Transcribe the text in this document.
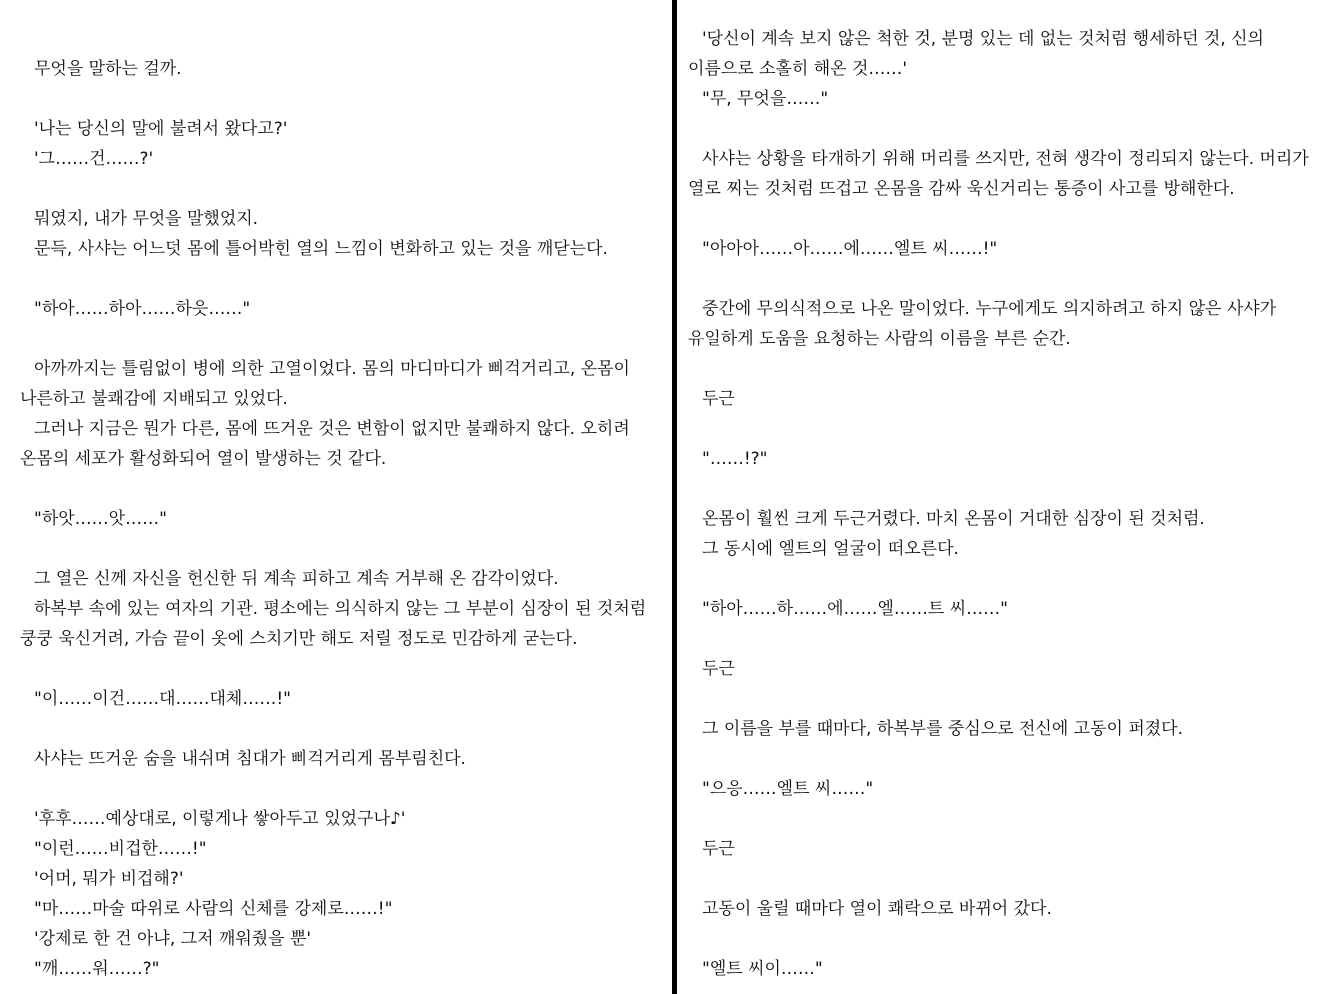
무엇을 말하는 걸까.
'나는 당신의 말에 불려서 왔다고?'
'그……건……?'
뭐였지, 내가 무엇을 말했었지.
문득, 사샤는 어느덧 몸에 틀어박힌 열의 느낌이 변화하고 있는 것을 깨닫는다.
"하아……하아……하읏……"
아까까지는 틀림없이 병에 의한 고열이었다. 몸의 마디마디가 삐걱거리고, 온몸이
나른하고 불쾌감에 지배되고 있었다.
그러나 지금은 뭔가 다른, 몸에 뜨거운 것은 변함이 없지만 불쾌하지 않다. 오히려
온몸의 세포가 활성화되어 열이 발생하는 것 같다.
"하앗……앗……"
그 열은 신께 자신을 헌신한 뒤 계속 피하고 계속 거부해 온 감각이었다.
하복부 속에 있는 여자의 기관. 평소에는 의식하지 않는 그 부분이 심장이 된 것처럼
쿵쿵 욱신거려, 가슴 끝이 옷에 스치기만 해도 저릴 정도로 민감하게 굳는다.
"이……이건……대……대체……!"
사샤는 뜨거운 숨을 내쉬며 침대가 삐걱거리게 몸부림친다.
'후후……예상대로, 이렇게나 쌓아두고 있었구나♪'
"이런……비겁한……!"
'어머, 뭐가 비겁해?'
"마……마술 따위로 사람의 신체를 강제로……!"
'강제로 한 건 아냐, 그저 깨워줬을 뿐'
"깨……워……?"
'당신이 계속 보지 않은 척한 것, 분명 있는 데 없는 것처럼 행세하던 것, 신의
이름으로 소홀히 해온 것……'
"무, 무엇을……"
사샤는 상황을 타개하기 위해 머리를 쓰지만, 전혀 생각이 정리되지 않는다. 머리가
열로 찌는 것처럼 뜨겁고 온몸을 감싸 욱신거리는 통증이 사고를 방해한다.
"아아아……아……에……엘트 씨……!"
중간에 무의식적으로 나온 말이었다. 누구에게도 의지하려고 하지 않은 사샤가
유일하게 도움을 요청하는 사람의 이름을 부른 순간.
두근
"……!?"
온몸이 훨씬 크게 두근거렸다. 마치 온몸이 거대한 심장이 된 것처럼.
그 동시에 엘트의 얼굴이 떠오른다.
"하아……하……에……엘……트 씨……"
두근
그 이름을 부를 때마다, 하복부를 중심으로 전신에 고동이 퍼졌다.
"으응……엘트 씨……"
두근
고동이 울릴 때마다 열이 쾌락으로 바뀌어 갔다.
"엘트 씨이……"
